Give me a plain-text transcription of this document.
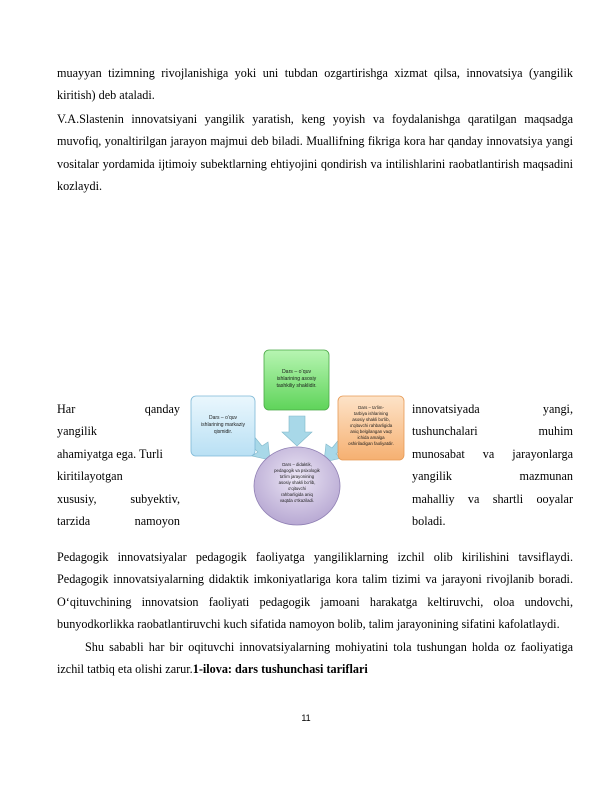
muayyan tizimning rivojlanishiga yoki uni tubdan ozgartirishga xizmat qilsa, innovatsiya (yangilik kiritish) deb ataladi.

V.A.Slastenin innovatsiyani yangilik yaratish, keng yoyish va foydalanishga qaratilgan maqsadga muvofiq, yonaltirilgan jarayon majmui deb biladi. Muallifning fikriga kora har qanday innovatsiya yangi vositalar yordamida ijtimoiy subektlarning ehtiyojini qondirish va intilishlarini raobatlantirish maqsadini kozlaydi.

Har qanday
yangilik
ahamiyatga ega. Turli
kiritilayotgan
xususiy, subyektiv,
tarzida namoyon
Dars – o‘quv
ishlarining asosiy
tashkiliy shaklidir.
Dars – o‘quv
ishlarining markaziy
qismidir.
Dars – ta’lim-
tarbiya ishlarining
asosiy shakli bo‘lib,
o‘qituvchi rahbarligida
aniq belgilangan vaqt
ichida amalga
oshiriladigan faoliyatdir.
Dars – didaktik,
pedagogik va psixologik
ta’lim jarayonining
asosiy shakli bo‘lib,
o‘qituvchi
rahbarligida aniq
vaqtda o‘tkaziladi.
innovatsiyada yangi,
tushunchalari muhim
munosabat va jarayonlarga
yangilik mazmunan
mahalliy va shartli ooyalar
boladi.

Pedagogik innovatsiyalar pedagogik faoliyatga yangiliklarning izchil olib kirilishini tavsiflaydi. Pedagogik innovatsiyalarning didaktik imkoniyatlariga kora talim tizimi va jarayoni rivojlanib boradi. O‘qituvchining innovatsion faoliyati pedagogik jamoani harakatga keltiruvchi, oloa undovchi, bunyodkorlikka raobatlantiruvchi kuch sifatida namoyon bolib, talim jarayonining sifatini kafolatlaydi.

Shu sababli har bir oqituvchi innovatsiyalarning mohiyatini tola tushungan holda oz faoliyatiga izchil tatbiq eta olishi zarur.1-ilova: dars tushunchasi tariflari

11
